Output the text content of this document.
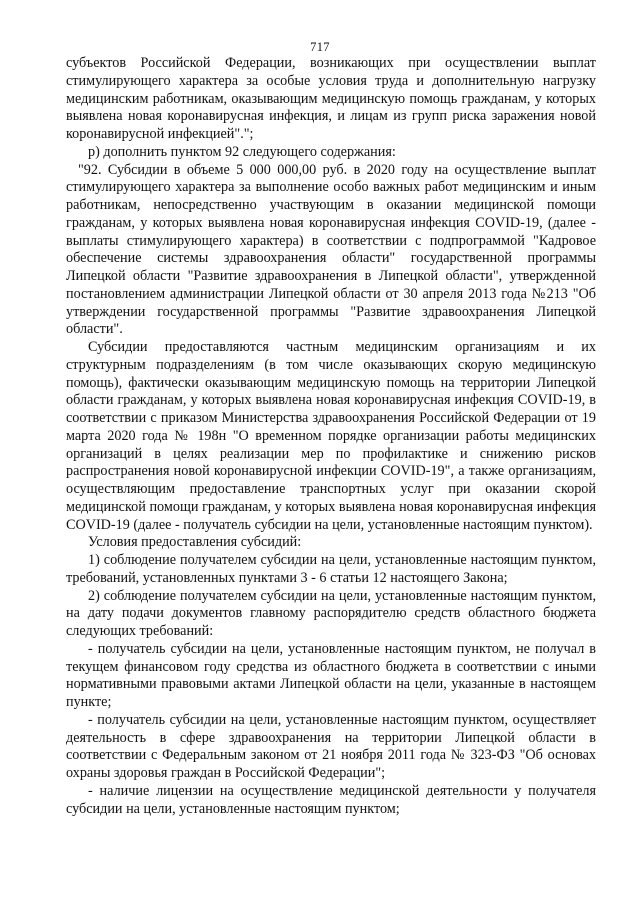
717

субъектов Российской Федерации, возникающих при осуществлении выплат стимулирующего характера за особые условия труда и дополнительную нагрузку медицинским работникам, оказывающим медицинскую помощь гражданам, у которых выявлена новая коронавирусная инфекция, и лицам из групп риска заражения новой коронавирусной инфекцией".";

р) дополнить пунктом 92 следующего содержания:

"92. Субсидии в объеме 5 000 000,00 руб. в 2020 году на осуществление выплат стимулирующего характера за выполнение особо важных работ медицинским и иным работникам, непосредственно участвующим в оказании медицинской помощи гражданам, у которых выявлена новая коронавирусная инфекция COVID-19, (далее - выплаты стимулирующего характера) в соответствии с подпрограммой "Кадровое обеспечение системы здравоохранения области" государственной программы Липецкой области "Развитие здравоохранения в Липецкой области", утвержденной постановлением администрации Липецкой области от 30 апреля 2013 года №213 "Об утверждении государственной программы "Развитие здравоохранения Липецкой области".

Субсидии предоставляются частным медицинским организациям и их структурным подразделениям (в том числе оказывающих скорую медицинскую помощь), фактически оказывающим медицинскую помощь на территории Липецкой области гражданам, у которых выявлена новая коронавирусная инфекция COVID-19, в соответствии с приказом Министерства здравоохранения Российской Федерации от 19 марта 2020 года № 198н "О временном порядке организации работы медицинских организаций в целях реализации мер по профилактике и снижению рисков распространения новой коронавирусной инфекции COVID-19", а также организациям, осуществляющим предоставление транспортных услуг при оказании скорой медицинской помощи гражданам, у которых выявлена новая коронавирусная инфекция COVID-19 (далее - получатель субсидии на цели, установленные настоящим пунктом).

Условия предоставления субсидий:

1) соблюдение получателем субсидии на цели, установленные настоящим пунктом, требований, установленных пунктами 3 - 6 статьи 12 настоящего Закона;

2) соблюдение получателем субсидии на цели, установленные настоящим пунктом, на дату подачи документов главному распорядителю средств областного бюджета следующих требований:

- получатель субсидии на цели, установленные настоящим пунктом, не получал в текущем финансовом году средства из областного бюджета в соответствии с иными нормативными правовыми актами Липецкой области на цели, указанные в настоящем пункте;

- получатель субсидии на цели, установленные настоящим пунктом, осуществляет деятельность в сфере здравоохранения на территории Липецкой области в соответствии с Федеральным законом от 21 ноября 2011 года № 323-ФЗ "Об основах охраны здоровья граждан в Российской Федерации";

- наличие лицензии на осуществление медицинской деятельности у получателя субсидии на цели, установленные настоящим пунктом;
